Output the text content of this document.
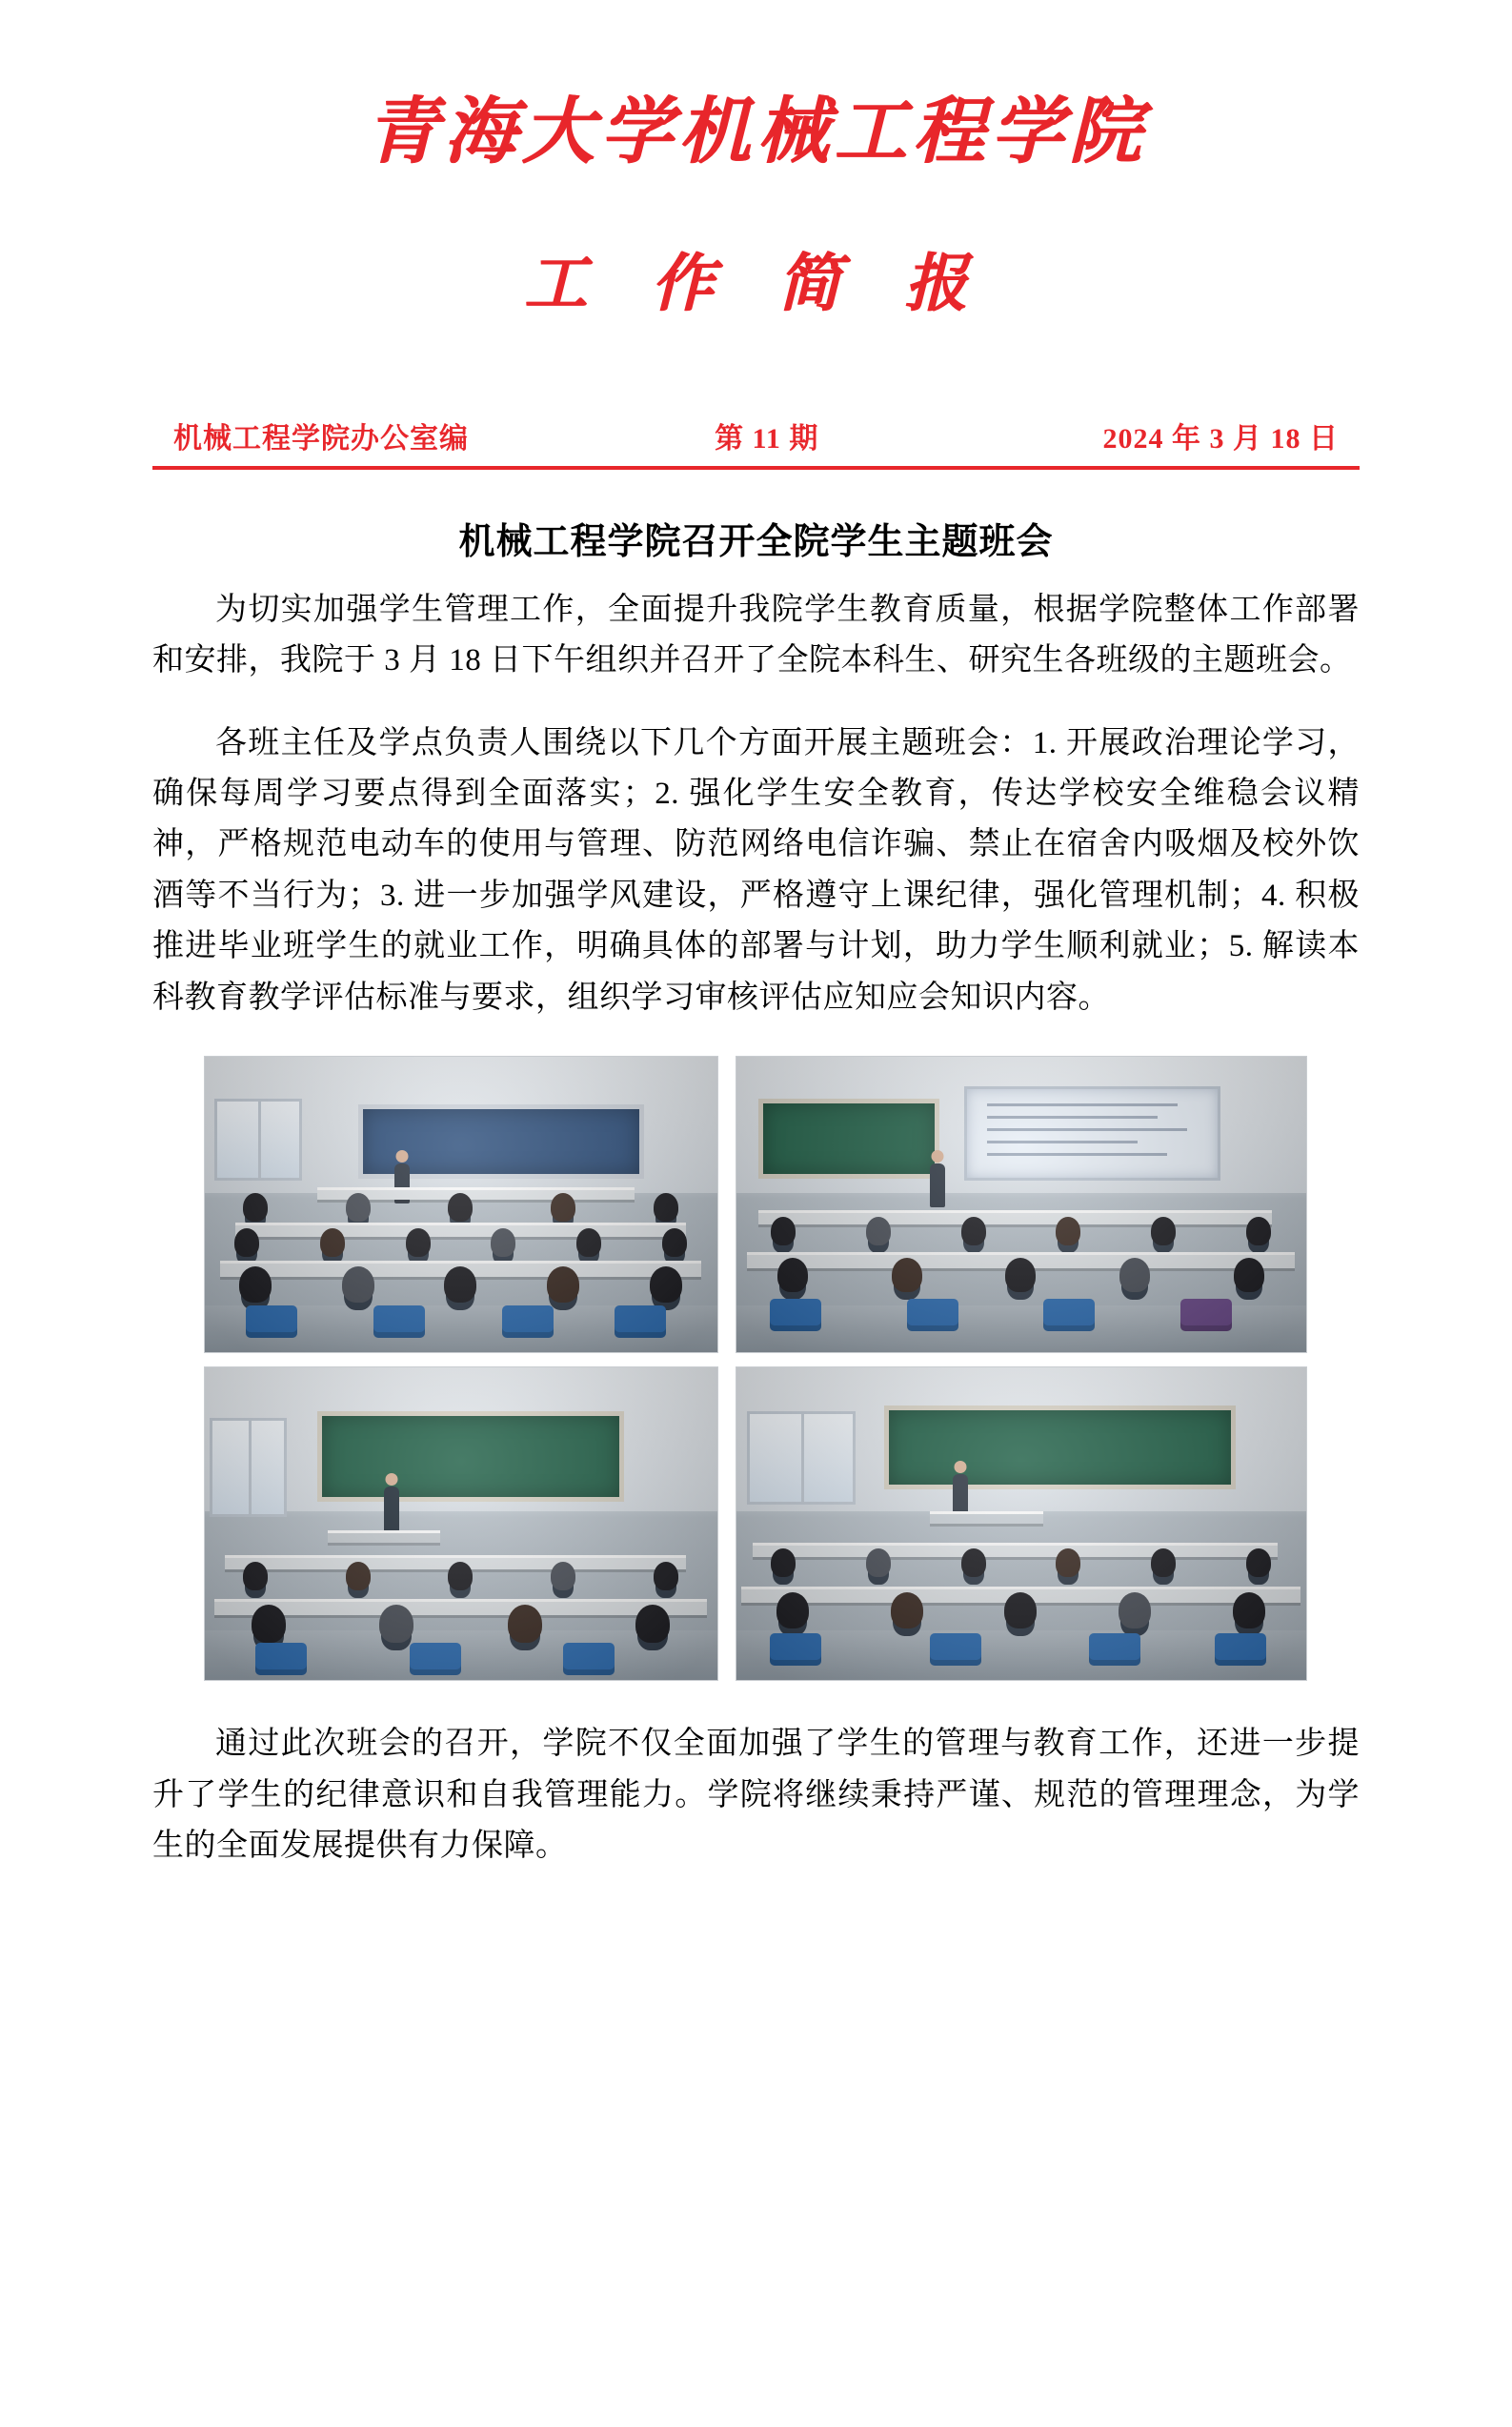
青海大学机械工程学院
工 作 简 报
机械工程学院办公室编	第 11 期	2024 年 3 月 18 日
机械工程学院召开全院学生主题班会

为切实加强学生管理工作，全面提升我院学生教育质量，根据学院整体工作部署和安排，我院于 3 月 18 日下午组织并召开了全院本科生、研究生各班级的主题班会。

各班主任及学点负责人围绕以下几个方面开展主题班会：1. 开展政治理论学习，确保每周学习要点得到全面落实；2. 强化学生安全教育，传达学校安全维稳会议精神，严格规范电动车的使用与管理、防范网络电信诈骗、禁止在宿舍内吸烟及校外饮酒等不当行为；3. 进一步加强学风建设，严格遵守上课纪律，强化管理机制；4. 积极推进毕业班学生的就业工作，明确具体的部署与计划，助力学生顺利就业；5. 解读本科教育教学评估标准与要求，组织学习审核评估应知应会知识内容。

通过此次班会的召开，学院不仅全面加强了学生的管理与教育工作，还进一步提升了学生的纪律意识和自我管理能力。学院将继续秉持严谨、规范的管理理念，为学生的全面发展提供有力保障。
